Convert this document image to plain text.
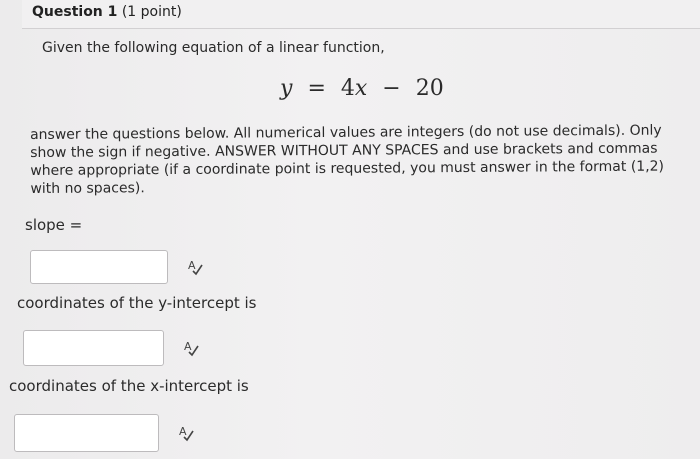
Question 1 (1 point)
Given the following equation of a linear function,
y = 4x − 20
answer the questions below. All numerical values are integers (do not use decimals). Only show the sign if negative. ANSWER WITHOUT ANY SPACES and use brackets and commas where appropriate (if a coordinate point is requested, you must answer in the format (1,2) with no spaces).
slope =
A
coordinates of the y-intercept is
A
coordinates of the x-intercept is
A
